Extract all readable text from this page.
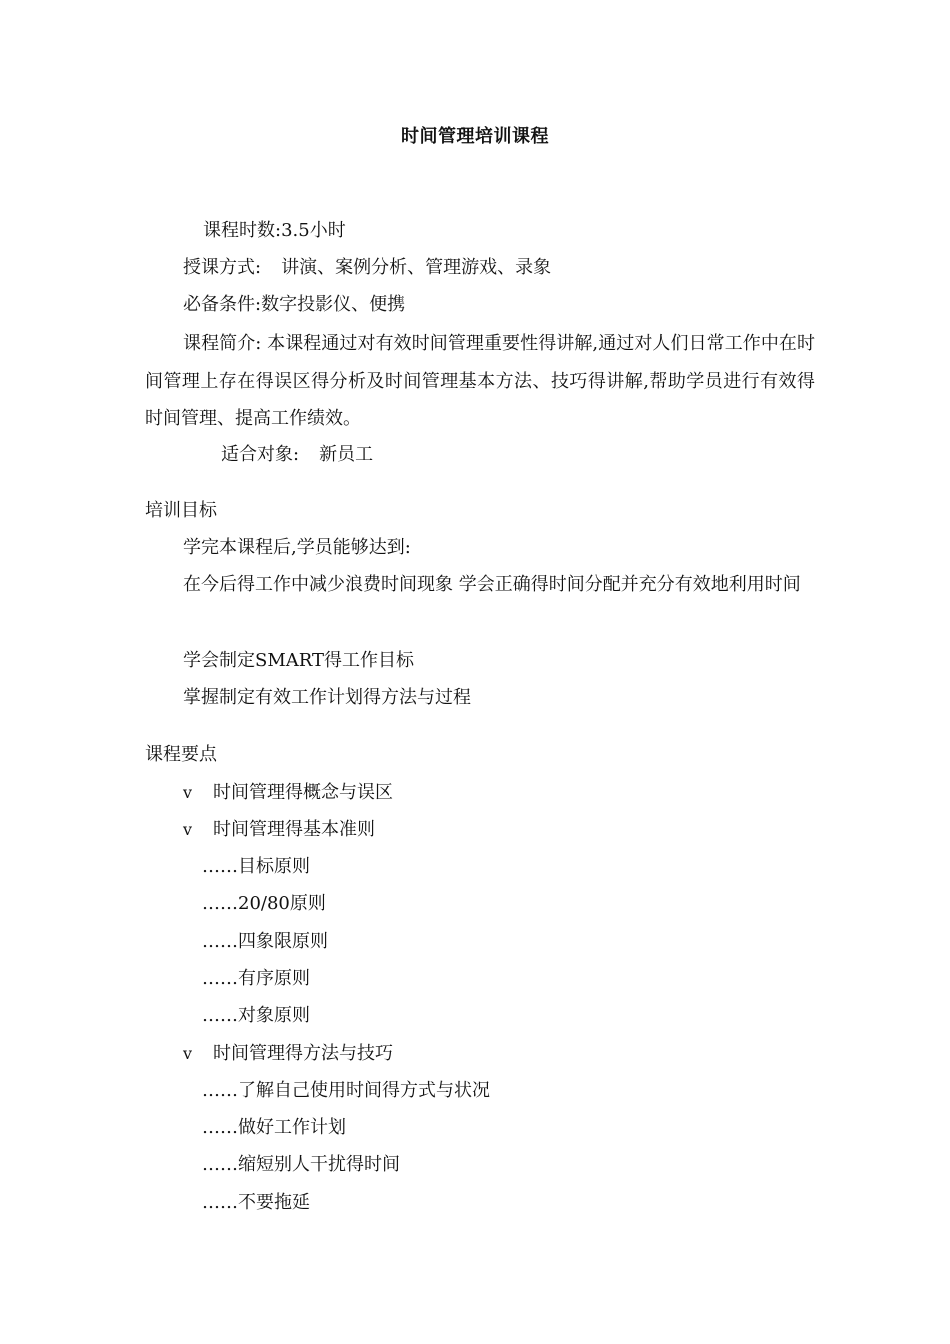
时间管理培训课程
课程时数:3.5小时
授课方式: 讲演、案例分析、管理游戏、录象
必备条件:数字投影仪、便携
课程简介: 本课程通过对有效时间管理重要性得讲解,通过对人们日常工作中在时间管理上存在得误区得分析及时间管理基本方法、技巧得讲解,帮助学员进行有效得时间管理、提高工作绩效。
适合对象: 新员工
培训目标
学完本课程后,学员能够达到:
在今后得工作中减少浪费时间现象 学会正确得时间分配并充分有效地利用时间
学会制定SMART得工作目标
掌握制定有效工作计划得方法与过程
课程要点
v 时间管理得概念与误区
v 时间管理得基本准则
……目标原则
……20/80原则
……四象限原则
……有序原则
……对象原则
v 时间管理得方法与技巧
……了解自己使用时间得方式与状况
……做好工作计划
……缩短别人干扰得时间
……不要拖延
